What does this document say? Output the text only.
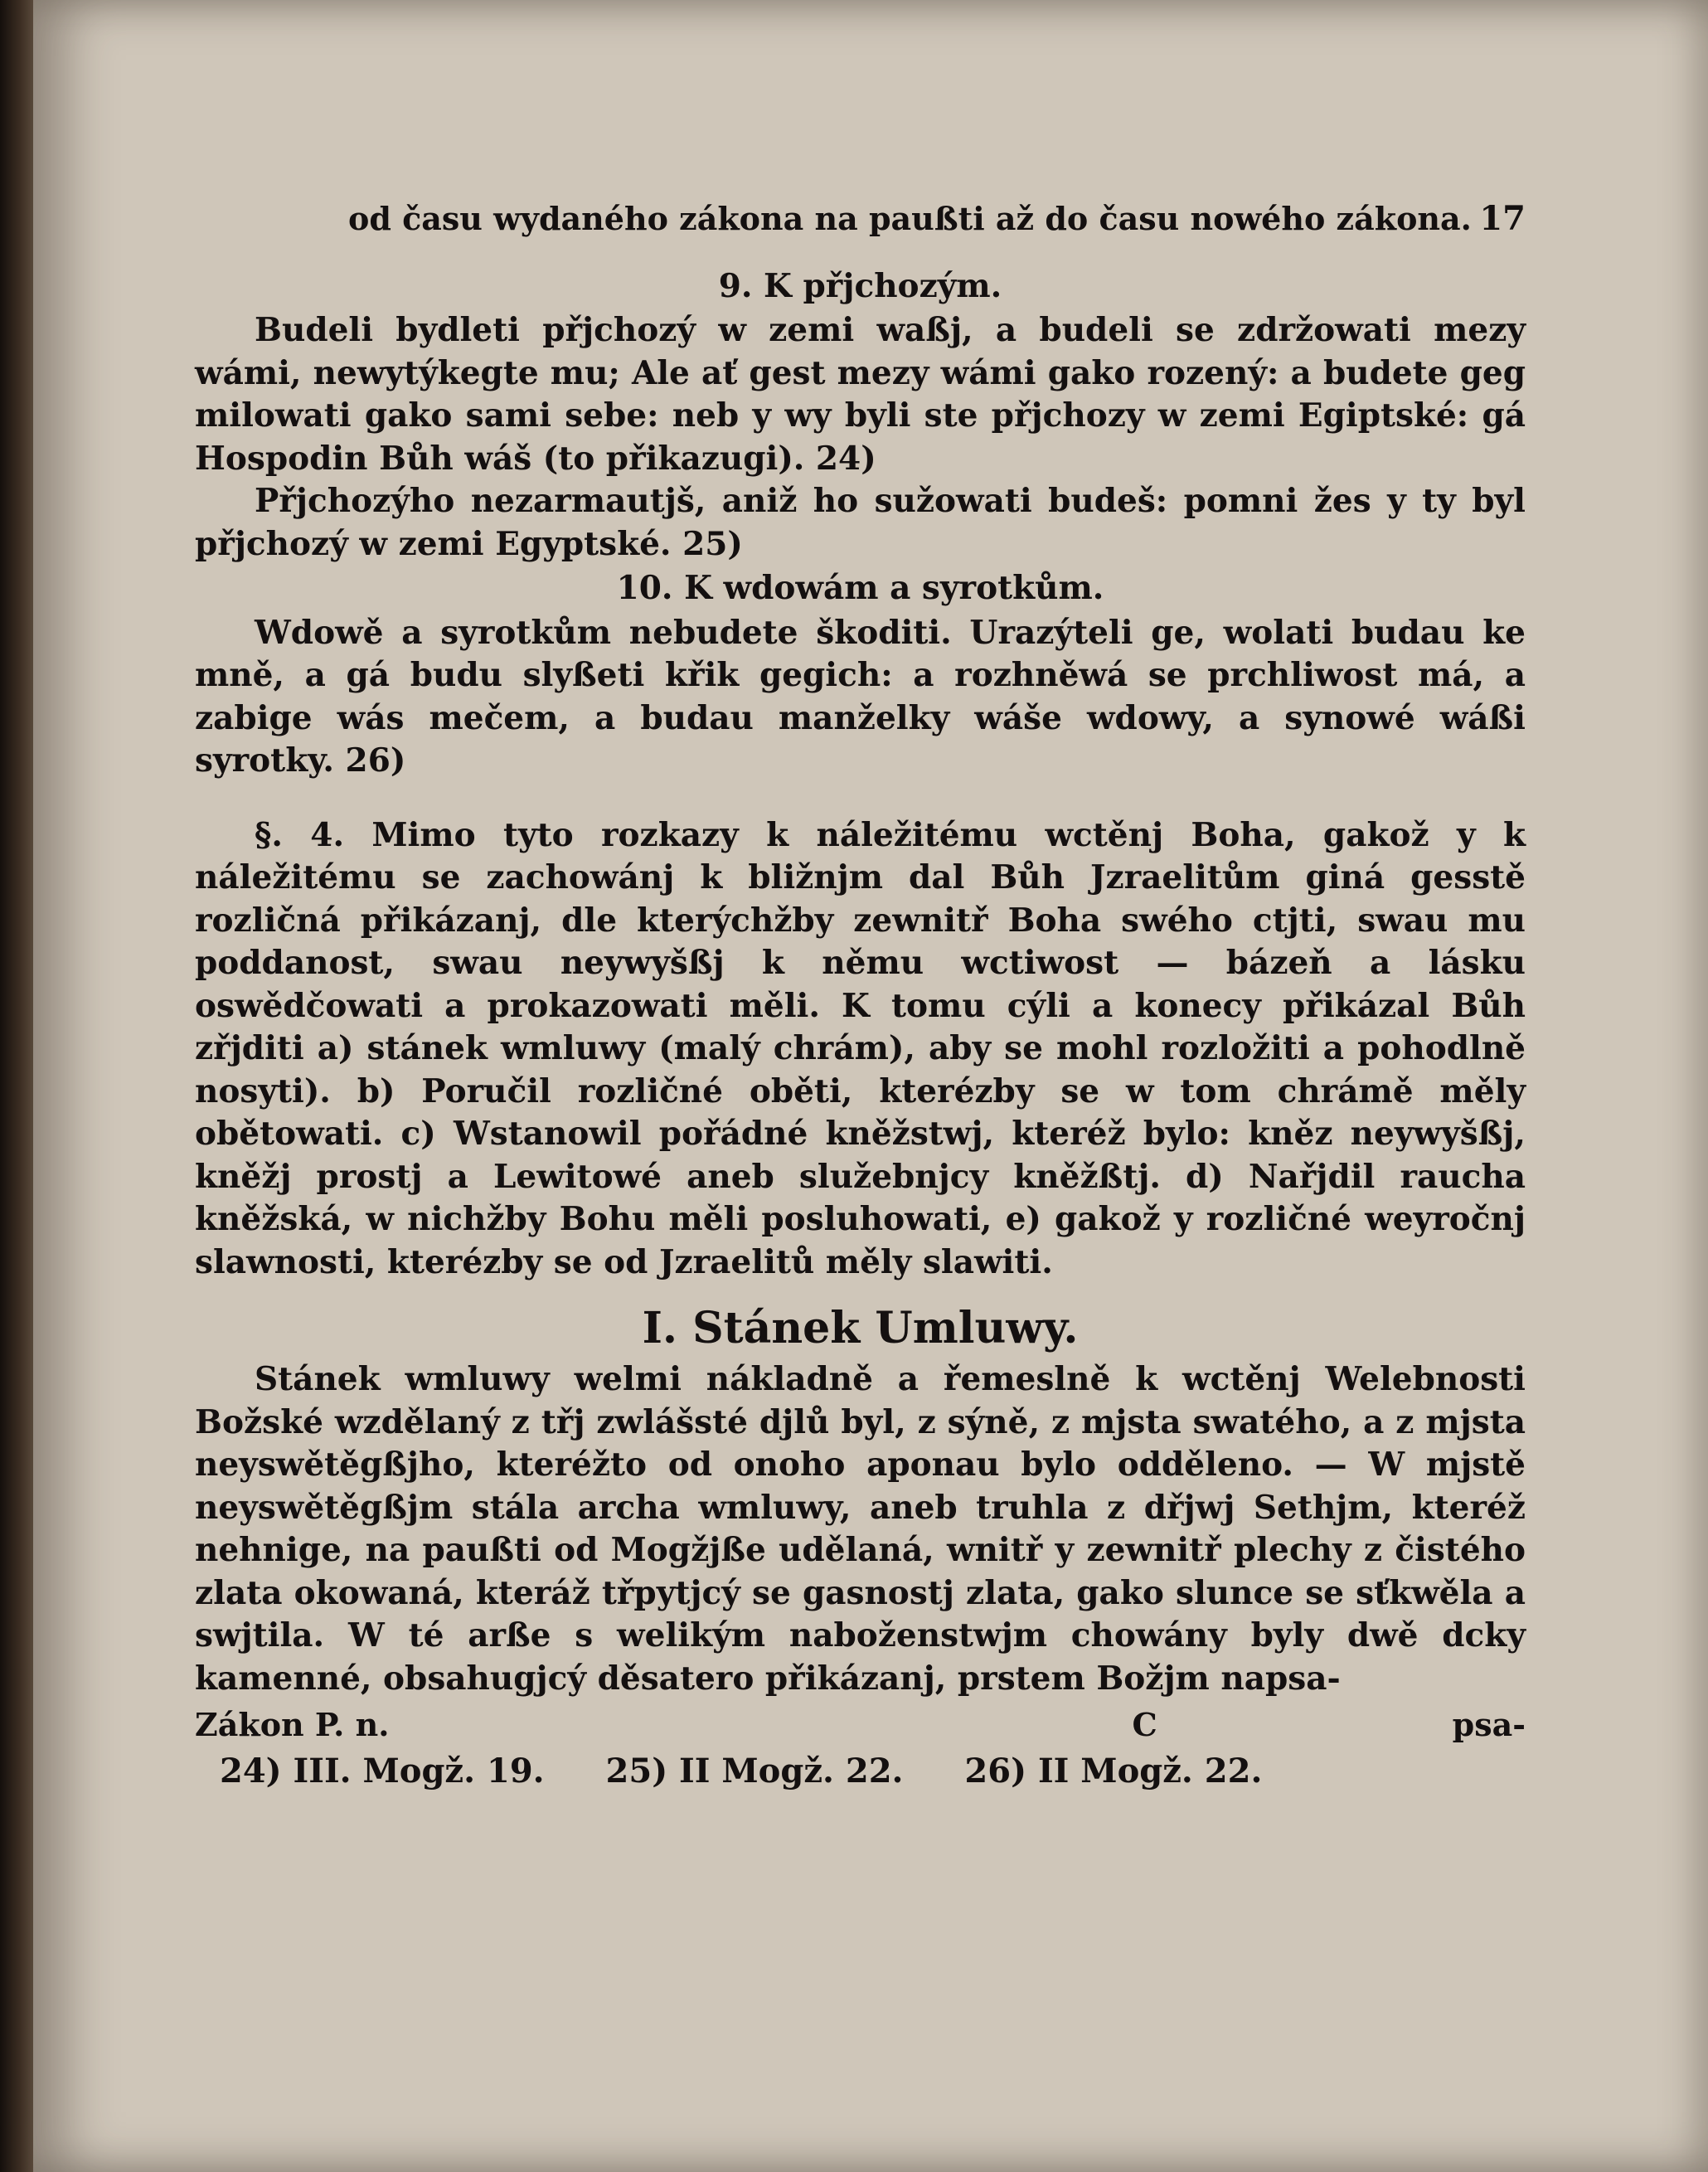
od času wydaného zákona na paußti až do času nowého zákona. 17
9. K přjchozým.

Budeli bydleti přjchozý w zemi waßj, a budeli se zdržowati mezy wámi, newytýkegte mu; Ale ať gest mezy wámi gako rozený: a budete geg milowati gako sami sebe: neb y wy byli ste přjchozy w zemi Egiptské: gá Hospodin Bůh wáš (to přikazugi). 24)

Přjchozýho nezarmautjš, aniž ho sužowati budeš: pomni žes y ty byl přjchozý w zemi Egyptské. 25)

10. K wdowám a syrotkům.

Wdowě a syrotkům nebudete škoditi. Urazýteli ge, wolati budau ke mně, a gá budu slyßeti křik gegich: a rozhněwá se prchliwost má, a zabige wás mečem, a budau manželky wáše wdowy, a synowé wáßi syrotky. 26)

§. 4. Mimo tyto rozkazy k náležitému wctěnj Boha, gakož y k náležitému se zachowánj k bližnjm dal Bůh Jzraelitům giná gesstě rozličná přikázanj, dle kterýchžby zewnitř Boha swého ctjti, swau mu poddanost, swau neywyšßj k němu wctiwost — bázeň a lásku oswědčowati a prokazowati měli. K tomu cýli a konecy přikázal Bůh zřjditi a) stánek wmluwy (malý chrám), aby se mohl rozložiti a pohodlně nosyti). b) Poručil rozličné oběti, kterézby se w tom chrámě měly obětowati. c) Wstanowil pořádné kněžstwj, kteréž bylo: kněz neywyšßj, kněžj prostj a Lewitowé aneb služebnjcy kněžßtj. d) Nařjdil raucha kněžská, w nichžby Bohu měli posluhowati, e) gakož y rozličné weyročnj slawnosti, kterézby se od Jzraelitů měly slawiti.

I. Stánek Umluwy.

Stánek wmluwy welmi nákladně a řemeslně k wctěnj Welebnosti Božské wzdělaný z třj zwlášsté djlů byl, z sýně, z mjsta swatého, a z mjsta neyswětěgßjho, kteréžto od onoho aponau bylo odděleno. — W mjstě neyswětěgßjm stála archa wmluwy, aneb truhla z dřjwj Sethjm, kteréž nehnige, na paußti od Mogžjße udělaná, wnitř y zewnitř plechy z čistého zlata okowaná, kteráž třpytjcý se gasnostj zlata, gako slunce se sťkwěla a swjtila. W té arße s welikým naboženstwjm chowány byly dwě dcky kamenné, obsahugjcý děsatero přikázanj, prstem Božjm napsa-

Zákon P. n.	C	psa-
24) III. Mogž. 19. 25) II Mogž. 22. 26) II Mogž. 22.
